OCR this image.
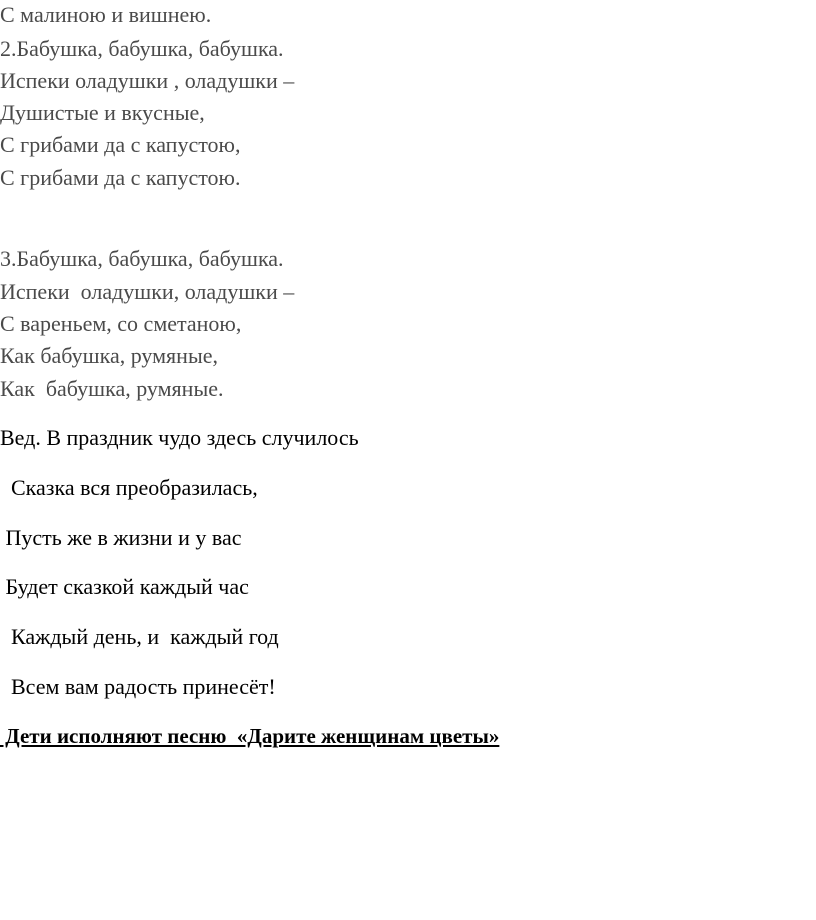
С малиною и вишнею.
2.Бабушка, бабушка, бабушка.
Испеки оладушки , оладушки –
Душистые и вкусные,
С грибами да с капустою,
С грибами да с капустою.
3.Бабушка, бабушка, бабушка.
Испеки  оладушки, оладушки –
С вареньем, со сметаною,
Как бабушка, румяные,
Как  бабушка, румяные.
Вед. В праздник чудо здесь случилось
Сказка вся преобразилась,
Пусть же в жизни и у вас
Будет сказкой каждый час
Каждый день, и  каждый год
Всем вам радость принесёт!
Дети исполняют песню  «Дарите женщинам цветы»
